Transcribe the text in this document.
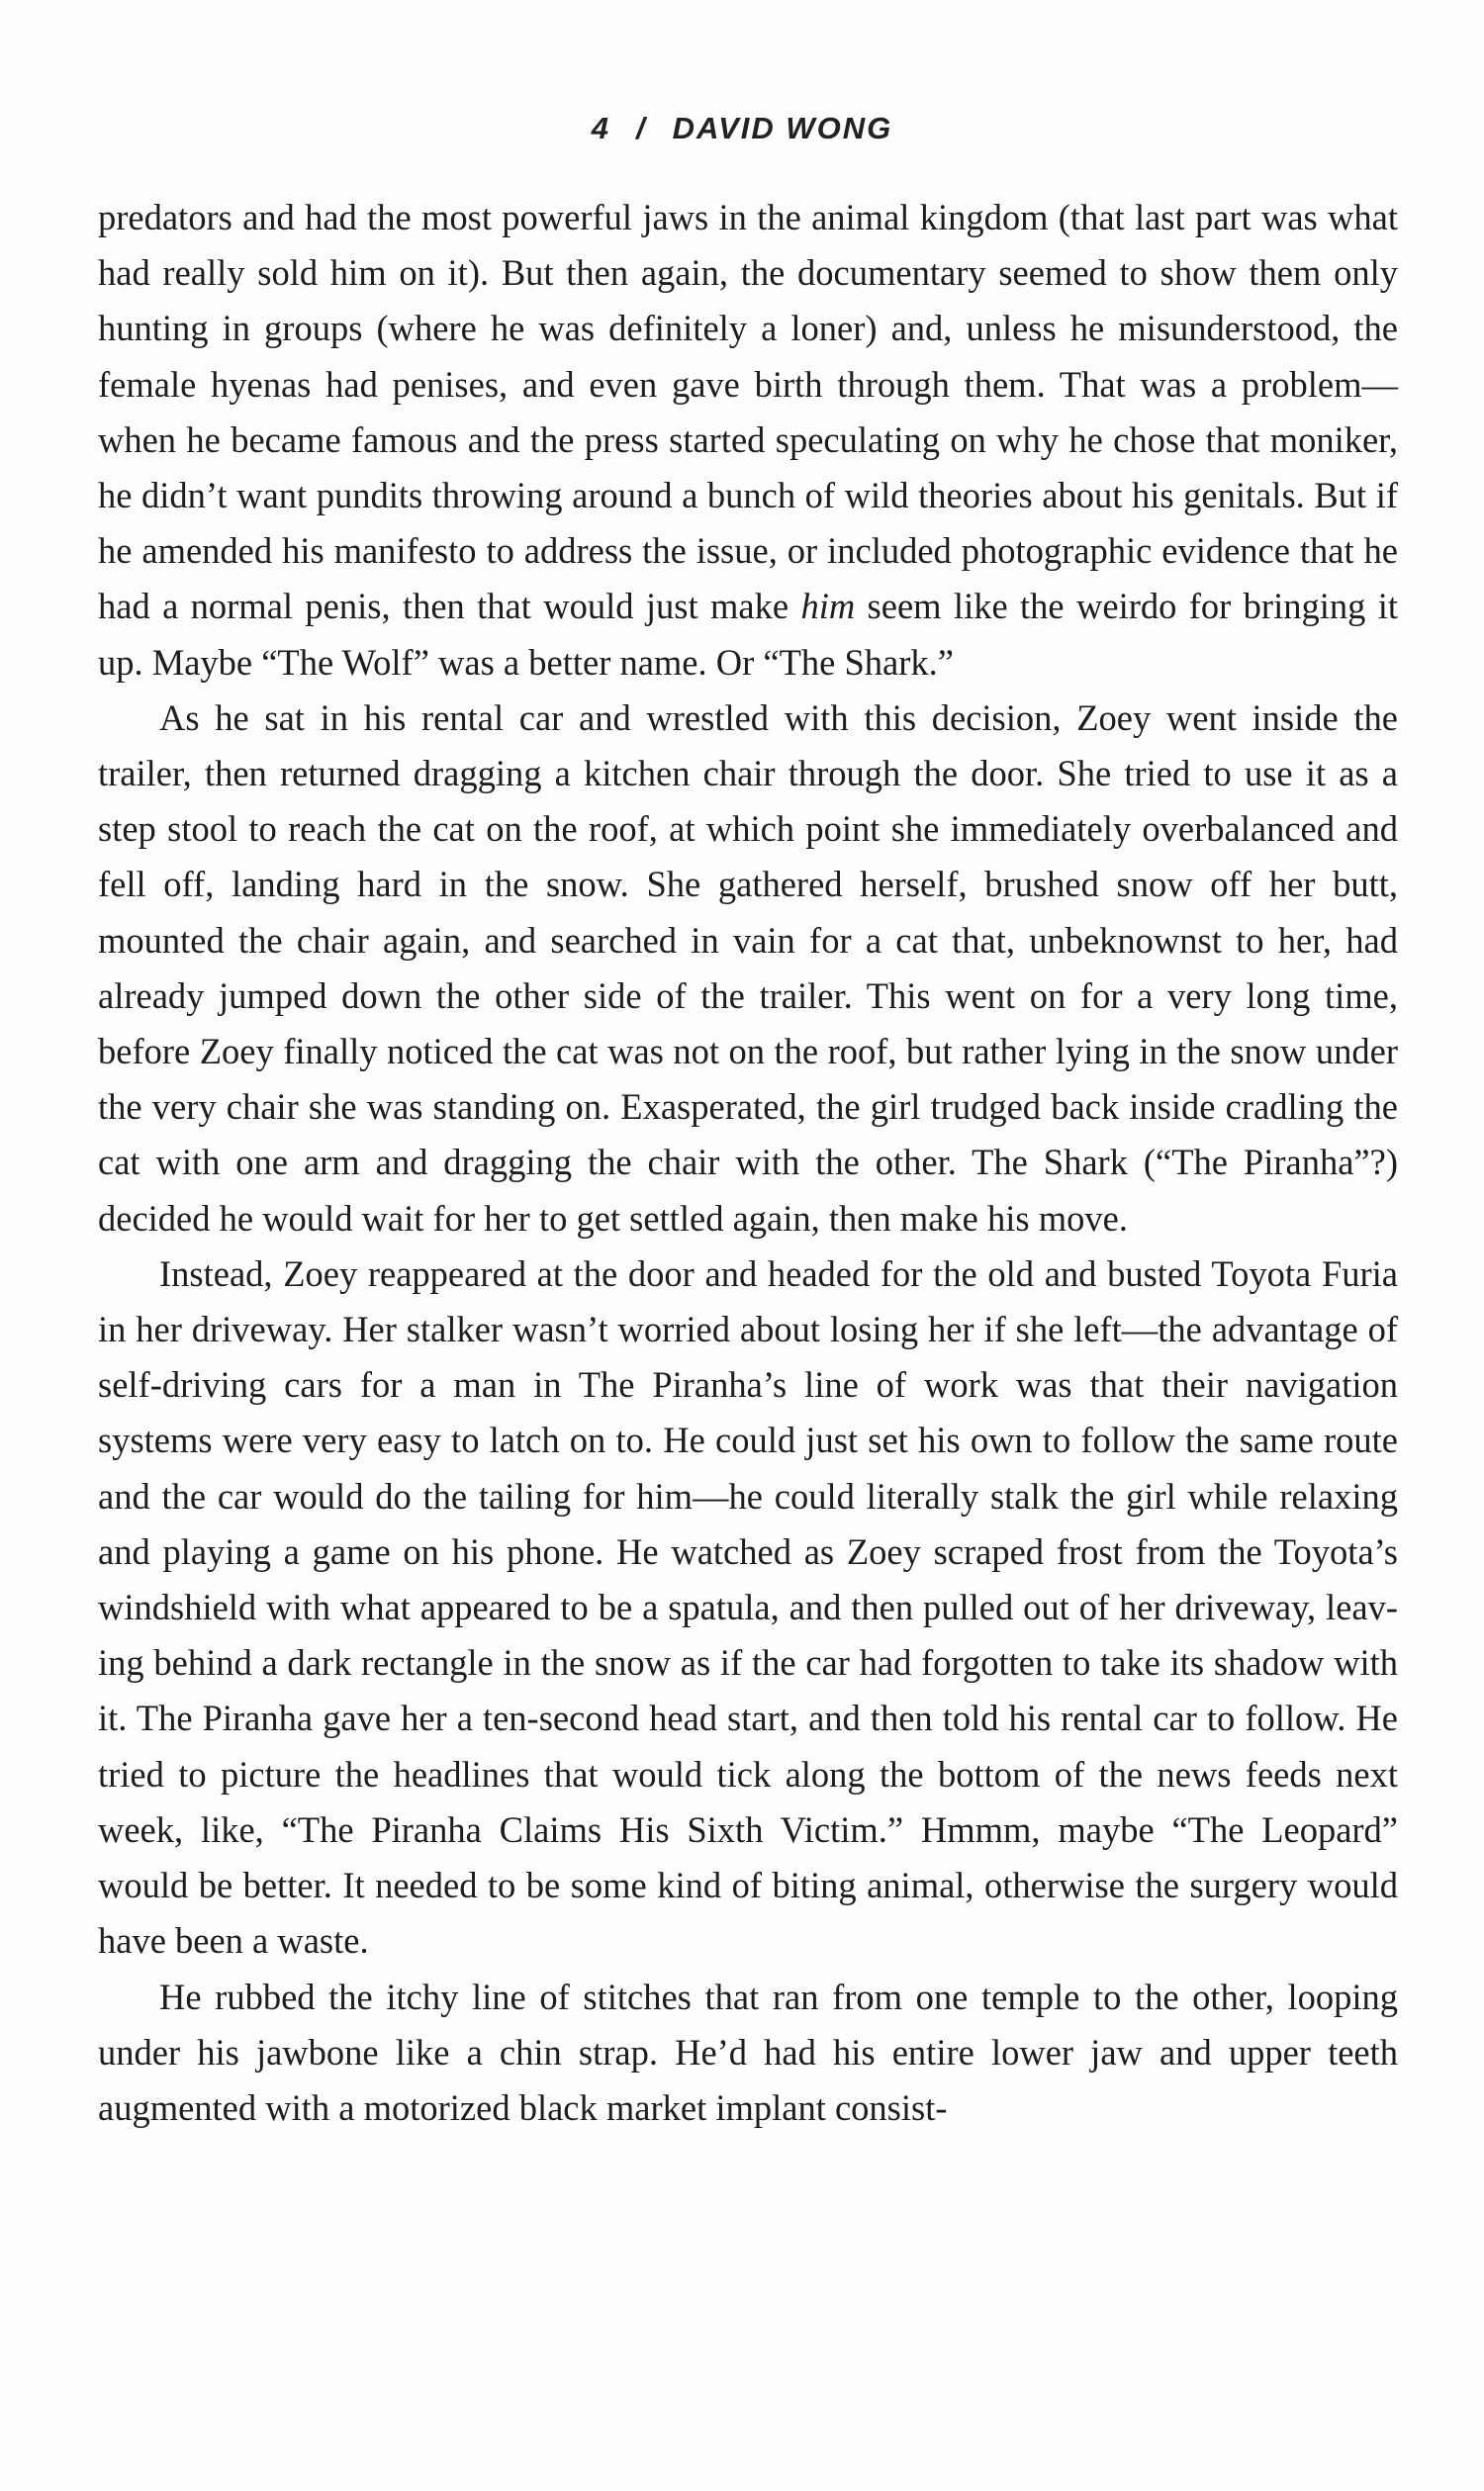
4 / DAVID WONG

predators and had the most powerful jaws in the animal kingdom (that last part was what had really sold him on it). But then again, the documentary seemed to show them only hunting in groups (where he was definitely a loner) and, unless he misunderstood, the female hyenas had penises, and even gave birth through them. That was a problem—when he became famous and the press started speculating on why he chose that moniker, he didn’t want pundits throwing around a bunch of wild theories about his genitals. But if he amended his manifesto to address the issue, or included photographic evidence that he had a normal penis, then that would just make him seem like the weirdo for bringing it up. Maybe “The Wolf” was a better name. Or “The Shark.”

As he sat in his rental car and wrestled with this decision, Zoey went inside the trailer, then returned dragging a kitchen chair through the door. She tried to use it as a step stool to reach the cat on the roof, at which point she immediately overbalanced and fell off, landing hard in the snow. She gathered herself, brushed snow off her butt, mounted the chair again, and searched in vain for a cat that, unbeknownst to her, had already jumped down the other side of the trailer. This went on for a very long time, before Zoey finally noticed the cat was not on the roof, but rather lying in the snow under the very chair she was standing on. Exasperated, the girl trudged back inside cradling the cat with one arm and dragging the chair with the other. The Shark (“The Piranha”?) decided he would wait for her to get settled again, then make his move.

Instead, Zoey reappeared at the door and headed for the old and busted Toyota Furia in her driveway. Her stalker wasn’t worried about losing her if she left—the advantage of self-driving cars for a man in The Piranha’s line of work was that their navigation systems were very easy to latch on to. He could just set his own to follow the same route and the car would do the tailing for him—he could literally stalk the girl while relaxing and playing a game on his phone. He watched as Zoey scraped frost from the Toyota’s windshield with what appeared to be a spatula, and then pulled out of her driveway, leaving behind a dark rectangle in the snow as if the car had forgotten to take its shadow with it. The Piranha gave her a ten-second head start, and then told his rental car to follow. He tried to picture the headlines that would tick along the bottom of the news feeds next week, like, “The Piranha Claims His Sixth Victim.” Hmmm, maybe “The Leopard” would be better. It needed to be some kind of biting animal, otherwise the surgery would have been a waste.

He rubbed the itchy line of stitches that ran from one temple to the other, looping under his jawbone like a chin strap. He’d had his entire lower jaw and upper teeth augmented with a motorized black market implant consist-
